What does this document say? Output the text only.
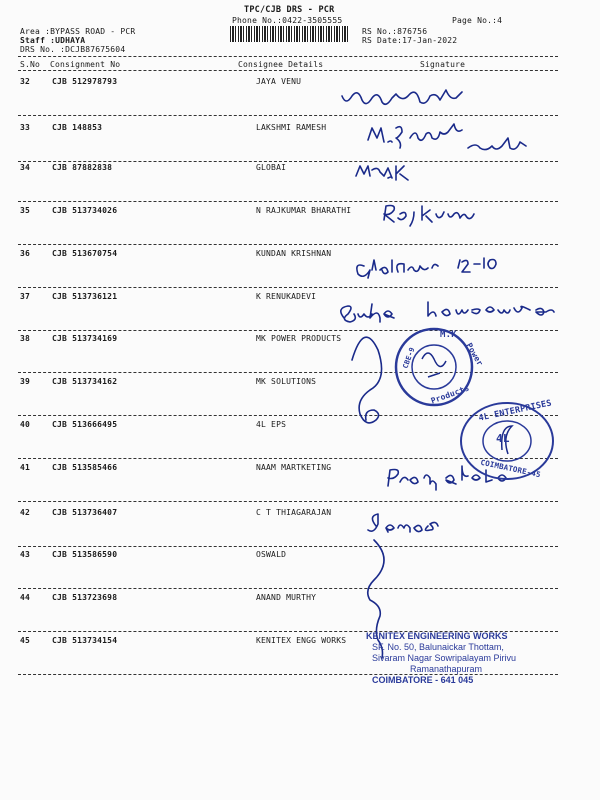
TPC/CJB DRS - PCR
Phone No.:0422-3505555
Area :BYPASS ROAD - PCR
Staff :UDHAYA
DRS No. :DCJB87675604
RS No.:876756
RS Date:17-Jan-2022
Page No.:4
S.No Consignment No	Consignee Details	Signature
32	CJB 512978793	JAYA VENU
33	CJB 148853	LAKSHMI RAMESH
34	CJB 87882838	GLOBAI
35	CJB 513734026	N RAJKUMAR BHARATHI
36	CJB 513670754	KUNDAN KRISHNAN
37	CJB 513736121	K RENUKADEVI
38	CJB 513734169	MK POWER PRODUCTS
39	CJB 513734162	MK SOLUTIONS
40	CJB 513666495	4L EPS
41	CJB 513585466	NAAM MARTKETING
42	CJB 513736407	C T THIAGARAJAN
43	CJB 513586590	OSWALD
44	CJB 513723698	ANAND MURTHY
45	CJB 513734154	KENITEX ENGG WORKS
M.K
Power
Products
CBE-9
4L ENTERPRISES
COIMBATORE-45
4L
KENITEX ENGINEERING WORKS
SF. No. 50, Balunaickar Thottam,
Sivaram Nagar Sowripalayam Pirivu
Ramanathapuram
COIMBATORE - 641 045
